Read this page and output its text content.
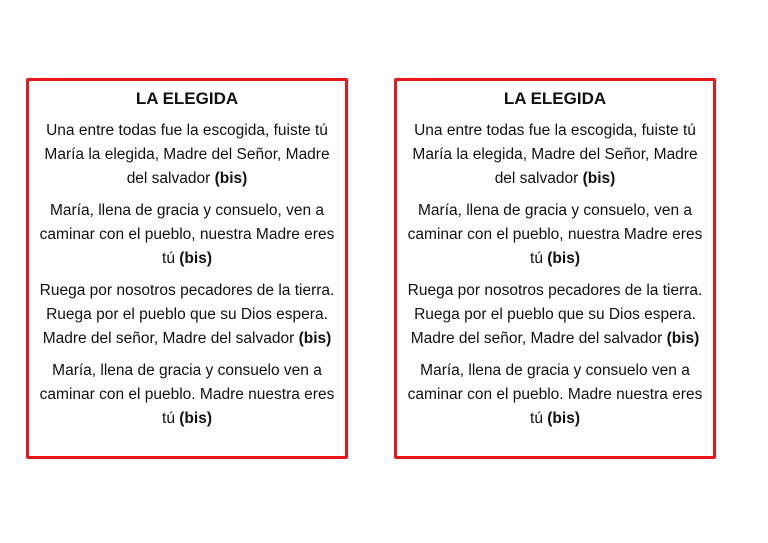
LA ELEGIDA

Una entre todas fue la escogida, fuiste tú María la elegida, Madre del Señor, Madre del salvador (bis)

María, llena de gracia y consuelo, ven a caminar con el pueblo, nuestra Madre eres tú (bis)

Ruega por nosotros pecadores de la tierra. Ruega por el pueblo que su Dios espera. Madre del señor, Madre del salvador (bis)

María, llena de gracia y consuelo ven a caminar con el pueblo. Madre nuestra eres tú (bis)

LA ELEGIDA

Una entre todas fue la escogida, fuiste tú María la elegida, Madre del Señor, Madre del salvador (bis)

María, llena de gracia y consuelo, ven a caminar con el pueblo, nuestra Madre eres tú (bis)

Ruega por nosotros pecadores de la tierra. Ruega por el pueblo que su Dios espera. Madre del señor, Madre del salvador (bis)

María, llena de gracia y consuelo ven a caminar con el pueblo. Madre nuestra eres tú (bis)
